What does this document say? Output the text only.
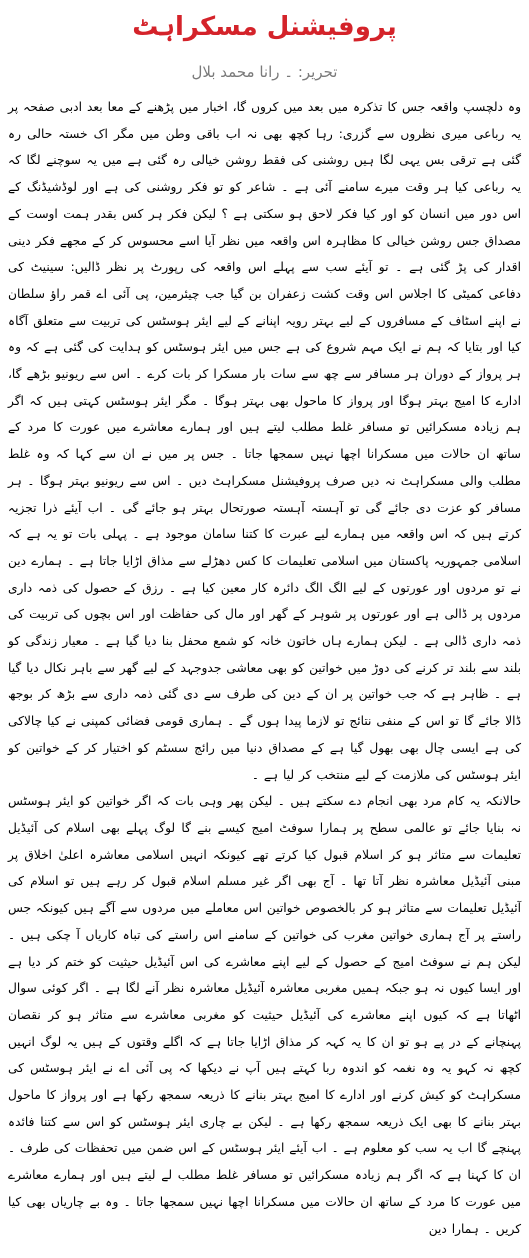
پروفیشنل مسکراہٹ
تحریر: ۔ رانا محمد بلال

وہ دلچسپ واقعہ جس کا تذکرہ میں بعد میں کروں گا، اخبار میں پڑھنے کے معا بعد ادبی صفحہ پر یہ رباعی میری نظروں سے گزری: رہا کچھ بھی نہ اب باقی وطن میں مگر اک خستہ حالی رہ گئی ہے ترقی بس یہی لگا ہیں روشنی کی فقط روشن خیالی رہ گئی ہے میں یہ سوچنے لگا کہ یہ رباعی کیا ہر وقت میرے سامنے آئی ہے ۔ شاعر کو تو فکر روشنی کی ہے اور لوڈشیڈنگ کے اس دور میں انسان کو اور کیا فکر لاحق ہو سکتی ہے ؟ لیکن فکر ہر کس بقدر ہمت اوست کے مصداق جس روشن خیالی کا مظاہرہ اس واقعہ میں نظر آیا اسے محسوس کر کے مجھے فکر دینی اقدار کی پڑ گئی ہے ۔ تو آیئے سب سے پہلے اس واقعہ کی رپورٹ پر نظر ڈالیں: سینیٹ کی دفاعی کمیٹی کا اجلاس اس وقت کشت زعفران بن گیا جب چیئرمین، پی آئی اے قمر راؤ سلطان نے اپنے اسٹاف کے مسافروں کے لیے بہتر رویہ اپنانے کے لیے ایئر ہوسٹس کی تربیت سے متعلق آگاہ کیا اور بتایا کہ ہم نے ایک مہم شروع کی ہے جس میں ایئر ہوسٹس کو ہدایت کی گئی ہے کہ وہ ہر پرواز کے دوران ہر مسافر سے چھ سے سات بار مسکرا کر بات کرے ۔ اس سے ریونیو بڑھے گا، ادارے کا امیج بہتر ہوگا اور پرواز کا ماحول بھی بہتر ہوگا ۔ مگر ایئر ہوسٹس کہتی ہیں کہ اگر ہم زیادہ مسکرائیں تو مسافر غلط مطلب لیتے ہیں اور ہمارے معاشرے میں عورت کا مرد کے ساتھ ان حالات میں مسکرانا اچھا نہیں سمجھا جاتا ۔ جس پر میں نے ان سے کہا کہ وہ غلط مطلب والی مسکراہٹ نہ دیں صرف پروفیشنل مسکراہٹ دیں ۔ اس سے ریونیو بہتر ہوگا ۔ ہر مسافر کو عزت دی جائے گی تو آہستہ آہستہ صورتحال بہتر ہو جائے گی ۔ اب آیئے ذرا تجزیہ کرتے ہیں کہ اس واقعہ میں ہمارے لیے عبرت کا کتنا سامان موجود ہے ۔ پہلی بات تو یہ ہے کہ اسلامی جمہوریہ پاکستان میں اسلامی تعلیمات کا کس دھڑلے سے مذاق اڑایا جاتا ہے ۔ ہمارے دین نے تو مردوں اور عورتوں کے لیے الگ الگ دائرہ کار معین کیا ہے ۔ رزق کے حصول کی ذمہ داری مردوں پر ڈالی ہے اور عورتوں پر شوہر کے گھر اور مال کی حفاظت اور اس بچوں کی تربیت کی ذمہ داری ڈالی ہے ۔ لیکن ہمارے ہاں خاتون خانہ کو شمع محفل بنا دیا گیا ہے ۔ معیار زندگی کو بلند سے بلند تر کرنے کی دوڑ میں خواتین کو بھی معاشی جدوجہد کے لیے گھر سے باہر نکال دیا گیا ہے ۔ ظاہر ہے کہ جب خواتین پر ان کے دین کی طرف سے دی گئی ذمہ داری سے بڑھ کر بوجھ ڈالا جائے گا تو اس کے منفی نتائج تو لازما پیدا ہوں گے ۔ ہماری قومی فضائی کمپنی نے کیا چالاکی کی ہے ایسی چال بھی بھول گیا ہے کے مصداق دنیا میں رائج سسٹم کو اختیار کر کے خواتین کو ایئر ہوسٹس کی ملازمت کے لیے منتخب کر لیا ہے ۔

حالانکہ یہ کام مرد بھی انجام دے سکتے ہیں ۔ لیکن پھر وہی بات کہ اگر خواتین کو ایئر ہوسٹس نہ بنایا جائے تو عالمی سطح پر ہمارا سوفٹ امیج کیسے بنے گا لوگ پہلے بھی اسلام کی آئیڈیل تعلیمات سے متاثر ہو کر اسلام قبول کیا کرتے تھے کیونکہ انہیں اسلامی معاشرہ اعلیٰ اخلاق پر مبنی آئیڈیل معاشرہ نظر آتا تھا ۔ آج بھی اگر غیر مسلم اسلام قبول کر رہے ہیں تو اسلام کی آئیڈیل تعلیمات سے متاثر ہو کر بالخصوص خواتین اس معاملے میں مردوں سے آگے ہیں کیونکہ جس راستے پر آج ہماری خواتین مغرب کی خواتین کے سامنے اس راستے کی تباہ کاریاں آ چکی ہیں ۔ لیکن ہم نے سوفٹ امیج کے حصول کے لیے اپنے معاشرے کی اس آئیڈیل حیثیت کو ختم کر دیا ہے اور ایسا کیوں نہ ہو جبکہ ہمیں مغربی معاشرہ آئیڈیل معاشرہ نظر آنے لگا ہے ۔ اگر کوئی سوال اٹھاتا ہے کہ کیوں اپنے معاشرے کی آئیڈیل حیثیت کو مغربی معاشرے سے متاثر ہو کر نقصان پہنچانے کے در پے ہو تو ان کا یہ کہہ کر مذاق اڑایا جاتا ہے کہ اگلے وقتوں کے ہیں یہ لوگ انہیں کچھ نہ کہو یہ وہ نغمہ کو اندوہ ربا کہتے ہیں آپ نے دیکھا کہ پی آئی اے نے ایئر ہوسٹس کی مسکراہٹ کو کیش کرنے اور ادارے کا امیج بہتر بنانے کا ذریعہ سمجھ رکھا ہے اور پرواز کا ماحول بہتر بنانے کا بھی ایک ذریعہ سمجھ رکھا ہے ۔ لیکن بے چاری ایئر ہوسٹس کو اس سے کتنا فائدہ پہنچے گا اب یہ سب کو معلوم ہے ۔ اب آیئے ایئر ہوسٹس کے اس ضمن میں تحفظات کی طرف ۔ ان کا کہنا ہے کہ اگر ہم زیادہ مسکرائیں تو مسافر غلط مطلب لے لیتے ہیں اور ہمارے معاشرے میں عورت کا مرد کے ساتھ ان حالات میں مسکرانا اچھا نہیں سمجھا جاتا ۔ وہ بے چاریاں بھی کیا کریں ۔ ہمارا دین
